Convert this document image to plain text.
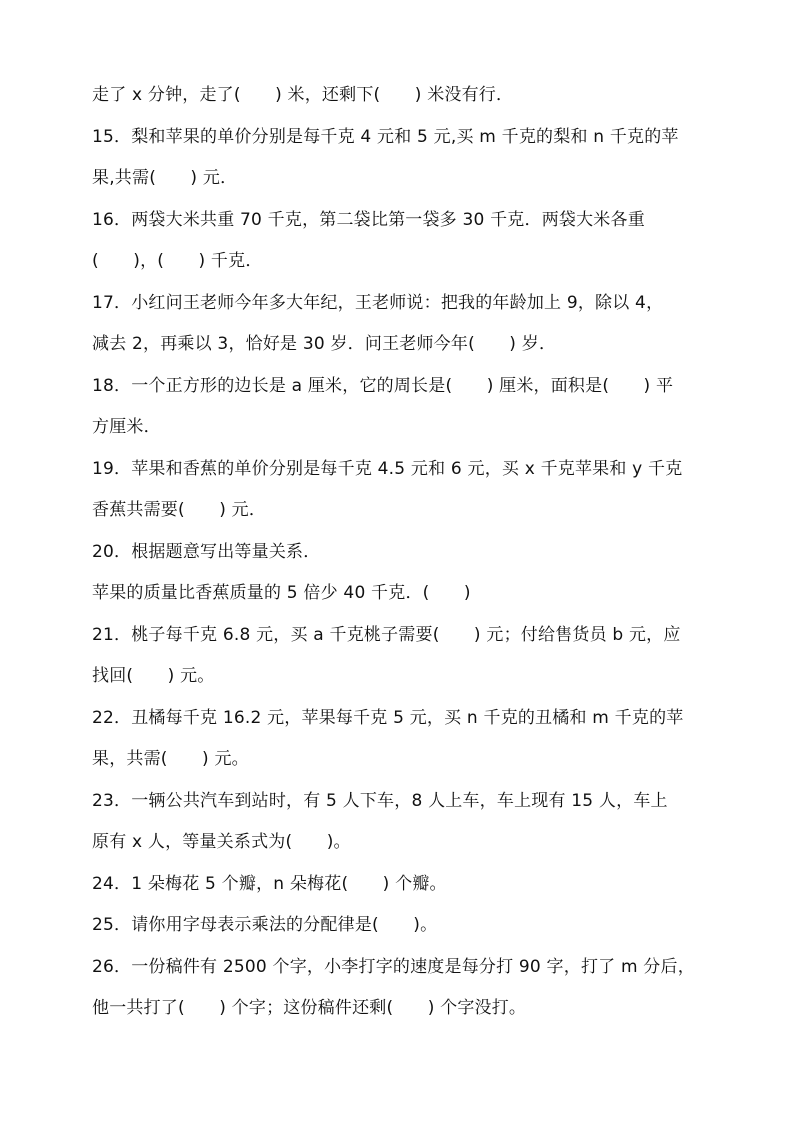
走了 x 分钟，走了(　　) 米，还剩下(　　) 米没有行．
15．梨和苹果的单价分别是每千克 4 元和 5 元,买 m 千克的梨和 n 千克的苹
果,共需(　　) 元．
16．两袋大米共重 70 千克，第二袋比第一袋多 30 千克．两袋大米各重
(　　)，(　　) 千克．
17．小红问王老师今年多大年纪，王老师说：把我的年龄加上 9，除以 4，
减去 2，再乘以 3，恰好是 30 岁．问王老师今年(　　) 岁．
18．一个正方形的边长是 a 厘米，它的周长是(　　) 厘米，面积是(　　) 平
方厘米．
19．苹果和香蕉的单价分别是每千克 4.5 元和 6 元，买 x 千克苹果和 y 千克
香蕉共需要(　　) 元．
20．根据题意写出等量关系．
苹果的质量比香蕉质量的 5 倍少 40 千克．(　　)
21．桃子每千克 6.8 元，买 a 千克桃子需要(　　) 元；付给售货员 b 元，应
找回(　　) 元。
22．丑橘每千克 16.2 元，苹果每千克 5 元，买 n 千克的丑橘和 m 千克的苹
果，共需(　　) 元。
23．一辆公共汽车到站时，有 5 人下车，8 人上车，车上现有 15 人，车上
原有 x 人，等量关系式为(　　)。
24．1 朵梅花 5 个瓣，n 朵梅花(　　) 个瓣。
25．请你用字母表示乘法的分配律是(　　)。
26．一份稿件有 2500 个字，小李打字的速度是每分打 90 字，打了 m 分后，
他一共打了(　　) 个字；这份稿件还剩(　　) 个字没打。
